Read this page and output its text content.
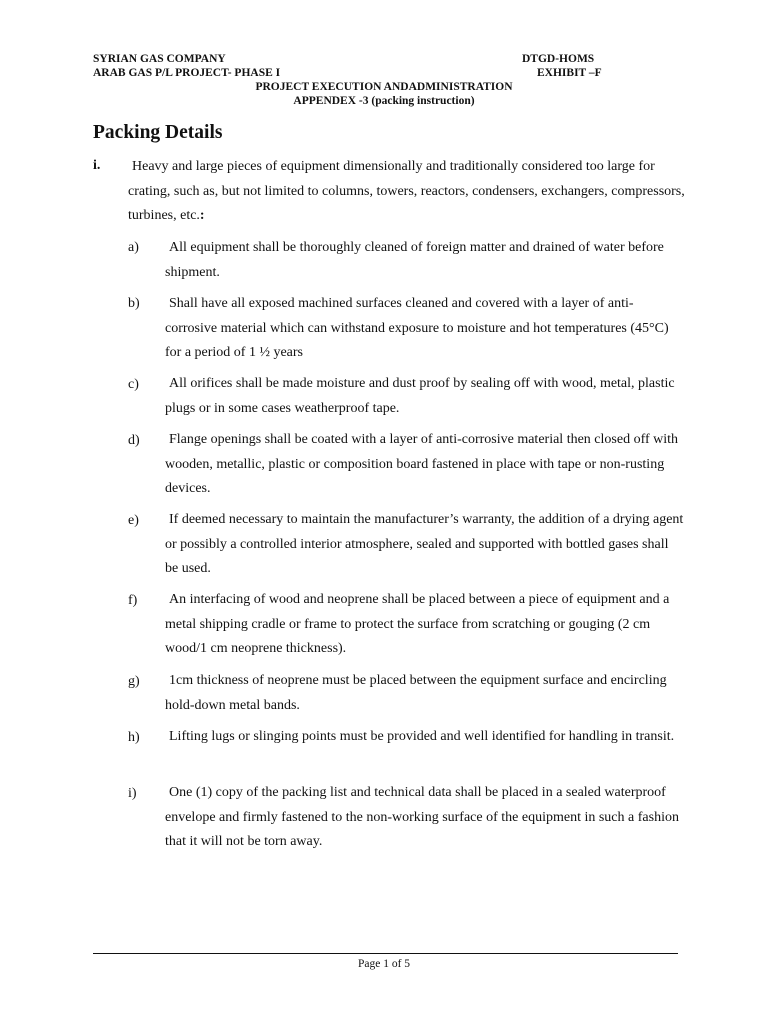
SYRIAN GAS COMPANY	DTGD-HOMS
ARAB GAS P/L PROJECT- PHASE I	EXHIBIT –F
PROJECT EXECUTION ANDADMINISTRATION
APPENDEX -3 (packing instruction)
Packing Details
i. Heavy and large pieces of equipment dimensionally and traditionally considered too large for crating, such as, but not limited to columns, towers, reactors, condensers, exchangers, compressors, turbines, etc.:
a) All equipment shall be thoroughly cleaned of foreign matter and drained of water before shipment.
b) Shall have all exposed machined surfaces cleaned and covered with a layer of anti-corrosive material which can withstand exposure to moisture and hot temperatures (45°C) for a period of 1 ½ years
c) All orifices shall be made moisture and dust proof by sealing off with wood, metal, plastic plugs or in some cases weatherproof tape.
d) Flange openings shall be coated with a layer of anti-corrosive material then closed off with wooden, metallic, plastic or composition board fastened in place with tape or non-rusting devices.
e) If deemed necessary to maintain the manufacturer’s warranty, the addition of a drying agent or possibly a controlled interior atmosphere, sealed and supported with bottled gases shall be used.
f) An interfacing of wood and neoprene shall be placed between a piece of equipment and a metal shipping cradle or frame to protect the surface from scratching or gouging (2 cm wood/1 cm neoprene thickness).
g) 1cm thickness of neoprene must be placed between the equipment surface and encircling hold-down metal bands.
h) Lifting lugs or slinging points must be provided and well identified for handling in transit.
i) One (1) copy of the packing list and technical data shall be placed in a sealed waterproof envelope and firmly fastened to the non-working surface of the equipment in such a fashion that it will not be torn away.
Page 1 of 5
